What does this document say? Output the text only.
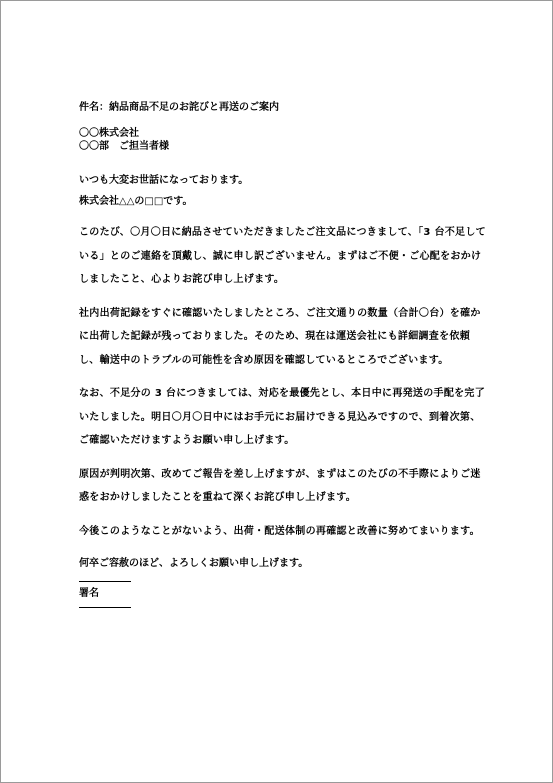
件名：納品商品不足のお詫びと再送のご案内
〇〇株式会社
〇〇部　ご担当者様
いつも大変お世話になっております。
株式会社△△の□□です。

このたび、〇月〇日に納品させていただきましたご注文品につきまして、「3 台不足している」とのご連絡を頂戴し、誠に申し訳ございません。まずはご不便・ご心配をおかけしましたこと、心よりお詫び申し上げます。

社内出荷記録をすぐに確認いたしましたところ、ご注文通りの数量（合計〇台）を確かに出荷した記録が残っておりました。そのため、現在は運送会社にも詳細調査を依頼し、輸送中のトラブルの可能性を含め原因を確認しているところでございます。

なお、不足分の 3 台につきましては、対応を最優先とし、本日中に再発送の手配を完了いたしました。明日〇月〇日中にはお手元にお届けできる見込みですので、到着次第、ご確認いただけますようお願い申し上げます。

原因が判明次第、改めてご報告を差し上げますが、まずはこのたびの不手際によりご迷惑をおかけしましたことを重ねて深くお詫び申し上げます。

今後このようなことがないよう、出荷・配送体制の再確認と改善に努めてまいります。

何卒ご容赦のほど、よろしくお願い申し上げます。
署名
